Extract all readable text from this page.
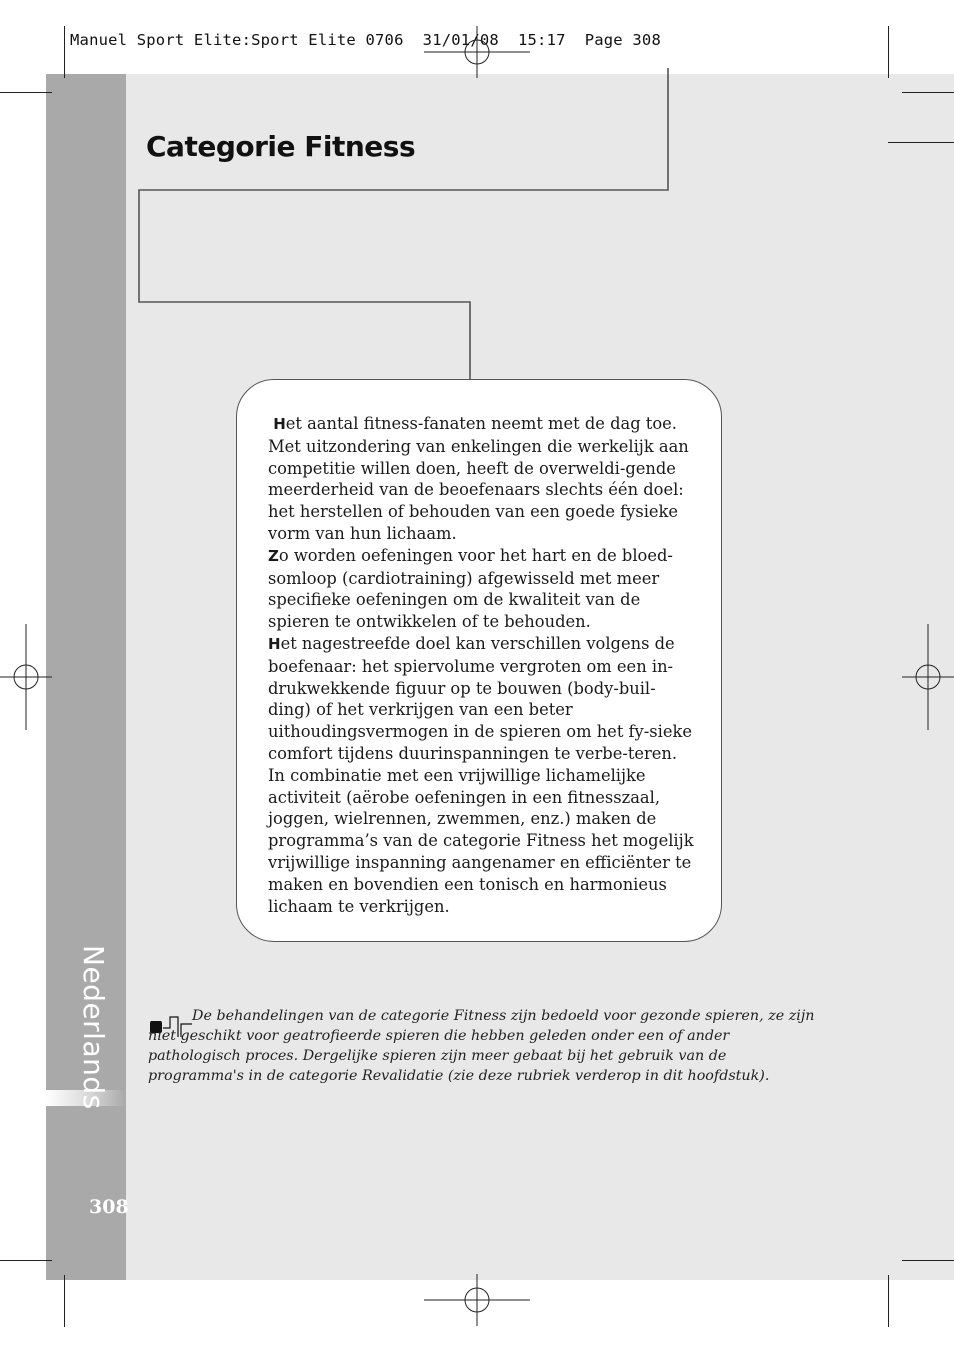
Manuel Sport Elite:Sport Elite 0706  31/01/08  15:17  Page 308
Nederlands
308
Categorie Fitness

Het aantal fitness-fanaten neemt met de dag toe. Met uitzondering van enkelingen die werkelijk aan competitie willen doen, heeft de overweldi-gende meerderheid van de beoefenaars slechts één doel: het herstellen of behouden van een goede fysieke vorm van hun lichaam.

Zo worden oefeningen voor het hart en de bloed-somloop (cardiotraining) afgewisseld met meer specifieke oefeningen om de kwaliteit van de spieren te ontwikkelen of te behouden.

Het nagestreefde doel kan verschillen volgens de boefenaar: het spiervolume vergroten om een in-drukwekkende figuur op te bouwen (body-buil-ding) of het verkrijgen van een beter uithoudingsvermogen in de spieren om het fy-sieke comfort tijdens duurinspanningen te verbe-teren. In combinatie met een vrijwillige lichamelijke activiteit (aërobe oefeningen in een fitnesszaal, joggen, wielrennen, zwemmen, enz.) maken de programma’s van de categorie Fitness het mogelijk vrijwillige inspanning aangenamer en efficiënter te maken en bovendien een tonisch en harmonieus lichaam te verkrijgen.

De behandelingen van de categorie Fitness zijn bedoeld voor gezonde spieren, ze zijn niet geschikt voor geatrofieerde spieren die hebben geleden onder een of ander pathologisch proces. Dergelijke spieren zijn meer gebaat bij het gebruik van de programma's in de categorie Revalidatie (zie deze rubriek verderop in dit hoofdstuk).
